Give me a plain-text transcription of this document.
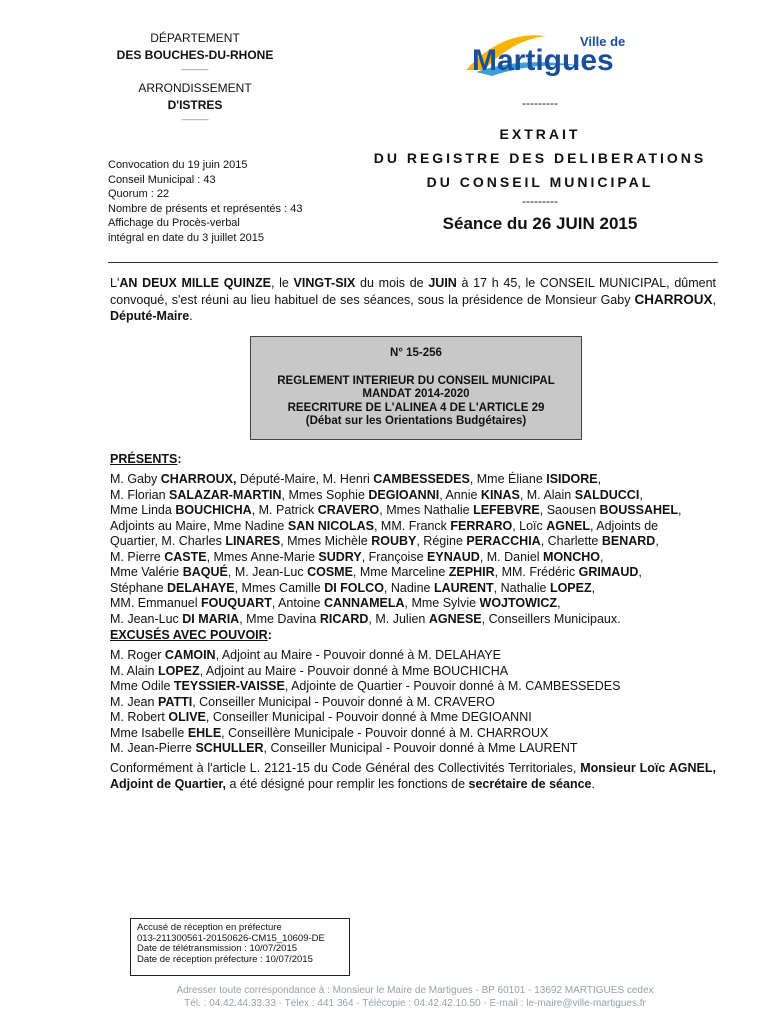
DÉPARTEMENT
DES BOUCHES-DU-RHONE
———
ARRONDISSEMENT
D'ISTRES
———
Convocation du 19 juin 2015
Conseil Municipal : 43
Quorum : 22
Nombre de présents et représentés : 43
Affichage du Procès-verbal
intégral en date du 3 juillet 2015
Ville de
Martigues
---------
EXTRAIT
DU REGISTRE DES DELIBERATIONS
DU CONSEIL MUNICIPAL
---------
Séance du 26 JUIN 2015
L'AN DEUX MILLE QUINZE, le VINGT-SIX du mois de JUIN à 17 h 45, le CONSEIL MUNICIPAL, dûment convoqué, s'est réuni au lieu habituel de ses séances, sous la présidence de Monsieur Gaby CHARROUX, Député-Maire.
N° 15-256
REGLEMENT INTERIEUR DU CONSEIL MUNICIPAL
MANDAT 2014-2020
REECRITURE DE L'ALINEA 4 DE L'ARTICLE 29
(Débat sur les Orientations Budgétaires)
PRÉSENTS:
M. Gaby CHARROUX, Député-Maire, M. Henri CAMBESSEDES, Mme Éliane ISIDORE,
M. Florian SALAZAR-MARTIN, Mmes Sophie DEGIOANNI, Annie KINAS, M. Alain SALDUCCI,
Mme Linda BOUCHICHA, M. Patrick CRAVERO, Mmes Nathalie LEFEBVRE, Saousen BOUSSAHEL,
Adjoints au Maire, Mme Nadine SAN NICOLAS, MM. Franck FERRARO, Loïc AGNEL, Adjoints de
Quartier, M. Charles LINARES, Mmes Michèle ROUBY, Régine PERACCHIA, Charlette BENARD,
M. Pierre CASTE, Mmes Anne-Marie SUDRY, Françoise EYNAUD, M. Daniel MONCHO,
Mme Valérie BAQUÉ, M. Jean-Luc COSME, Mme Marceline ZEPHIR, MM. Frédéric GRIMAUD,
Stéphane DELAHAYE, Mmes Camille DI FOLCO, Nadine LAURENT, Nathalie LOPEZ,
MM. Emmanuel FOUQUART, Antoine CANNAMELA, Mme Sylvie WOJTOWICZ,
M. Jean-Luc DI MARIA, Mme Davina RICARD, M. Julien AGNESE, Conseillers Municipaux.
EXCUSÉS AVEC POUVOIR:
M. Roger CAMOIN, Adjoint au Maire - Pouvoir donné à M. DELAHAYE
M. Alain LOPEZ, Adjoint au Maire - Pouvoir donné à Mme BOUCHICHA
Mme Odile TEYSSIER-VAISSE, Adjointe de Quartier - Pouvoir donné à M. CAMBESSEDES
M. Jean PATTI, Conseiller Municipal - Pouvoir donné à M. CRAVERO
M. Robert OLIVE, Conseiller Municipal - Pouvoir donné à Mme DEGIOANNI
Mme Isabelle EHLE, Conseillère Municipale - Pouvoir donné à M. CHARROUX
M. Jean-Pierre SCHULLER, Conseiller Municipal - Pouvoir donné à Mme LAURENT
Conformément à l'article L. 2121-15 du Code Général des Collectivités Territoriales, Monsieur Loïc AGNEL, Adjoint de Quartier, a été désigné pour remplir les fonctions de secrétaire de séance.
Accusé de réception en préfecture
013-211300561-20150626-CM15_10609-DE
Date de télétransmission : 10/07/2015
Date de réception préfecture : 10/07/2015
Adresser toute correspondance à : Monsieur le Maire de Martigues - BP 60101 - 13692 MARTIGUES cedex
Tél. : 04.42.44.33.33 - Télex : 441 364 - Télécopie : 04.42.42.10.50 - E-mail : le-maire@ville-martigues.fr
